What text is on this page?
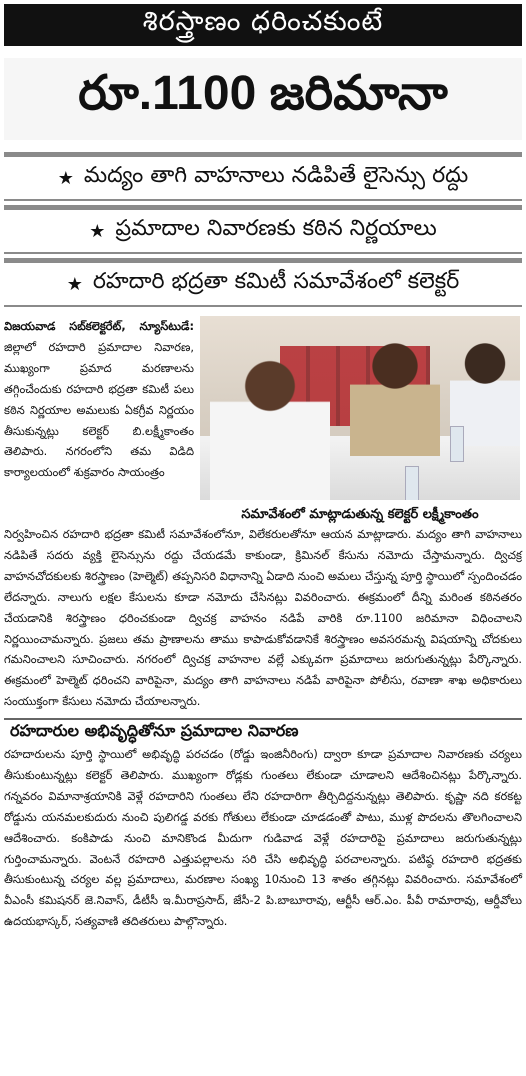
శిరస్త్రాణం ధరించకుంటే
రూ.1100 జరిమానా
★ మద్యం తాగి వాహనాలు నడిపితే లైసెన్సు రద్దు
★ ప్రమాదాల నివారణకు కఠిన నిర్ణయాలు
★ రహదారి భద్రతా కమిటీ సమావేశంలో కలెక్టర్
సమావేశంలో మాట్లాడుతున్న కలెక్టర్ లక్ష్మీకాంతం
విజయవాడ సబ్‌కలెక్టరేట్, న్యూస్‌టుడే: జిల్లాలో రహదారి ప్రమాదాల నివారణ, ముఖ్యంగా ప్రమాద మరణాలను తగ్గించేందుకు రహదారి భద్రతా కమిటీ పలు కఠిన నిర్ణయాల అమలుకు ఏకగ్రీవ నిర్ణయం తీసుకున్నట్లు కలెక్టర్ బి.లక్ష్మీకాంతం తెలిపారు. నగరంలోని తమ విడిది కార్యాలయంలో శుక్రవారం సాయంత్రం
నిర్వహించిన రహదారి భద్రతా కమిటీ సమావేశంలోనూ, విలేకరులతోనూ ఆయన మాట్లాడారు. మద్యం తాగి వాహనాలు నడిపితే సదరు వ్యక్తి లైసెన్సును రద్దు చేయడమే కాకుండా, క్రిమినల్ కేసును నమోదు చేస్తామన్నారు. ద్విచక్ర వాహనచోదకులకు శిరస్త్రాణం (హెల్మెట్) తప్పనిసరి విధానాన్ని ఏడాది నుంచి అమలు చేస్తున్న పూర్తి స్థాయిలో స్పందించడం లేదన్నారు. నాలుగు లక్షల కేసులను కూడా నమోదు చేసినట్లు వివరించారు. ఈక్రమంలో దీన్ని మరింత కఠినతరం చేయడానికి శిరస్త్రాణం ధరించకుండా ద్విచక్ర వాహనం నడిపే వారికి రూ.1100 జరిమానా విధించాలని నిర్ణయించామన్నారు. ప్రజలు తమ ప్రాణాలను తాము కాపాడుకోవడానికే శిరస్త్రాణం అవసరమన్న విషయాన్ని చోదకులు గమనించాలని సూచించారు. నగరంలో ద్విచక్ర వాహనాల వల్లే ఎక్కువగా ప్రమాదాలు జరుగుతున్నట్లు పేర్కొన్నారు. ఈక్రమంలో హెల్మెట్ ధరించని వారిపైనా, మద్యం తాగి వాహనాలు నడిపే వారిపైనా పోలీసు, రవాణా శాఖ అధికారులు సంయుక్తంగా కేసులు నమోదు చేయాలన్నారు.
రహదారుల అభివృద్ధితోనూ ప్రమాదాల నివారణ
రహదారులను పూర్తి స్థాయిలో అభివృద్ధి పరచడం (రోడ్డు ఇంజినీరింగు) ద్వారా కూడా ప్రమాదాల నివారణకు చర్యలు తీసుకుంటున్నట్లు కలెక్టర్ తెలిపారు. ముఖ్యంగా రోడ్లకు గుంతలు లేకుండా చూడాలని ఆదేశించినట్లు పేర్కొన్నారు. గన్నవరం విమానాశ్రయానికి వెళ్లే రహదారిని గుంతలు లేని రహదారిగా తీర్చిదిద్దనున్నట్లు తెలిపారు. కృష్ణా నది కరకట్ట రోడ్డును యనమలకుదురు నుంచి పులిగడ్డ వరకు గోతులు లేకుండా చూడడంతో పాటు, ముళ్ల పొదలను తొలగించాలని ఆదేశించారు. కంకిపాడు నుంచి మానికొండ మీదుగా గుడివాడ వెళ్లే రహదారిపై ప్రమాదాలు జరుగుతున్నట్లు గుర్తించామన్నారు. వెంటనే రహదారి ఎత్తుపల్లాలను సరి చేసి అభివృద్ధి పరచాలన్నారు. పటిష్ఠ రహదారి భద్రతకు తీసుకుంటున్న చర్యల వల్ల ప్రమాదాలు, మరణాల సంఖ్య 10నుంచి 13 శాతం తగ్గినట్లు వివరించారు. సమావేశంలో వీఎంసీ కమిషనర్ జె.నివాస్, డీటీసీ ఇ.మీరాప్రసాద్, జేసీ-2 పి.బాబూరావు, ఆర్టీసీ ఆర్.ఎం. పీవీ రామారావు, ఆర్డీవోలు ఉదయభాస్కర్, సత్యవాణి తదితరులు పాల్గొన్నారు.
